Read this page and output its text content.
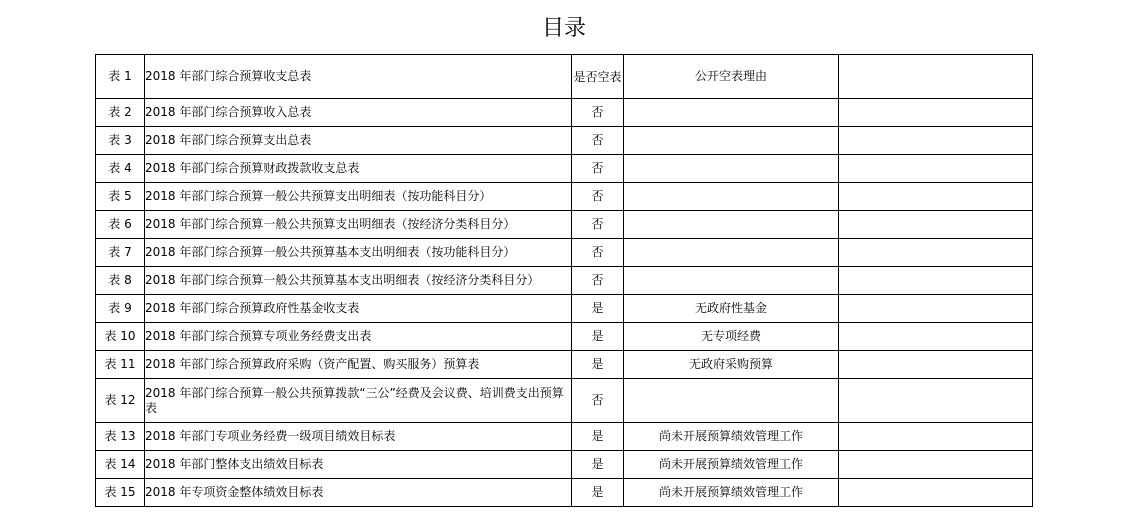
目录
表 1	2018 年部门综合预算收支总表	是否空表	公开空表理由	
表 2	2018 年部门综合预算收入总表	否		
表 3	2018 年部门综合预算支出总表	否		
表 4	2018 年部门综合预算财政拨款收支总表	否		
表 5	2018 年部门综合预算一般公共预算支出明细表（按功能科目分）	否		
表 6	2018 年部门综合预算一般公共预算支出明细表（按经济分类科目分）	否		
表 7	2018 年部门综合预算一般公共预算基本支出明细表（按功能科目分）	否		
表 8	2018 年部门综合预算一般公共预算基本支出明细表（按经济分类科目分）	否		
表 9	2018 年部门综合预算政府性基金收支表	是	无政府性基金	
表 10	2018 年部门综合预算专项业务经费支出表	是	无专项经费	
表 11	2018 年部门综合预算政府采购（资产配置、购买服务）预算表	是	无政府采购预算	
表 12	2018 年部门综合预算一般公共预算拨款“三公”经费及会议费、培训费支出预算表	否		
表 13	2018 年部门专项业务经费一级项目绩效目标表	是	尚未开展预算绩效管理工作	
表 14	2018 年部门整体支出绩效目标表	是	尚未开展预算绩效管理工作	
表 15	2018 年专项资金整体绩效目标表	是	尚未开展预算绩效管理工作	
